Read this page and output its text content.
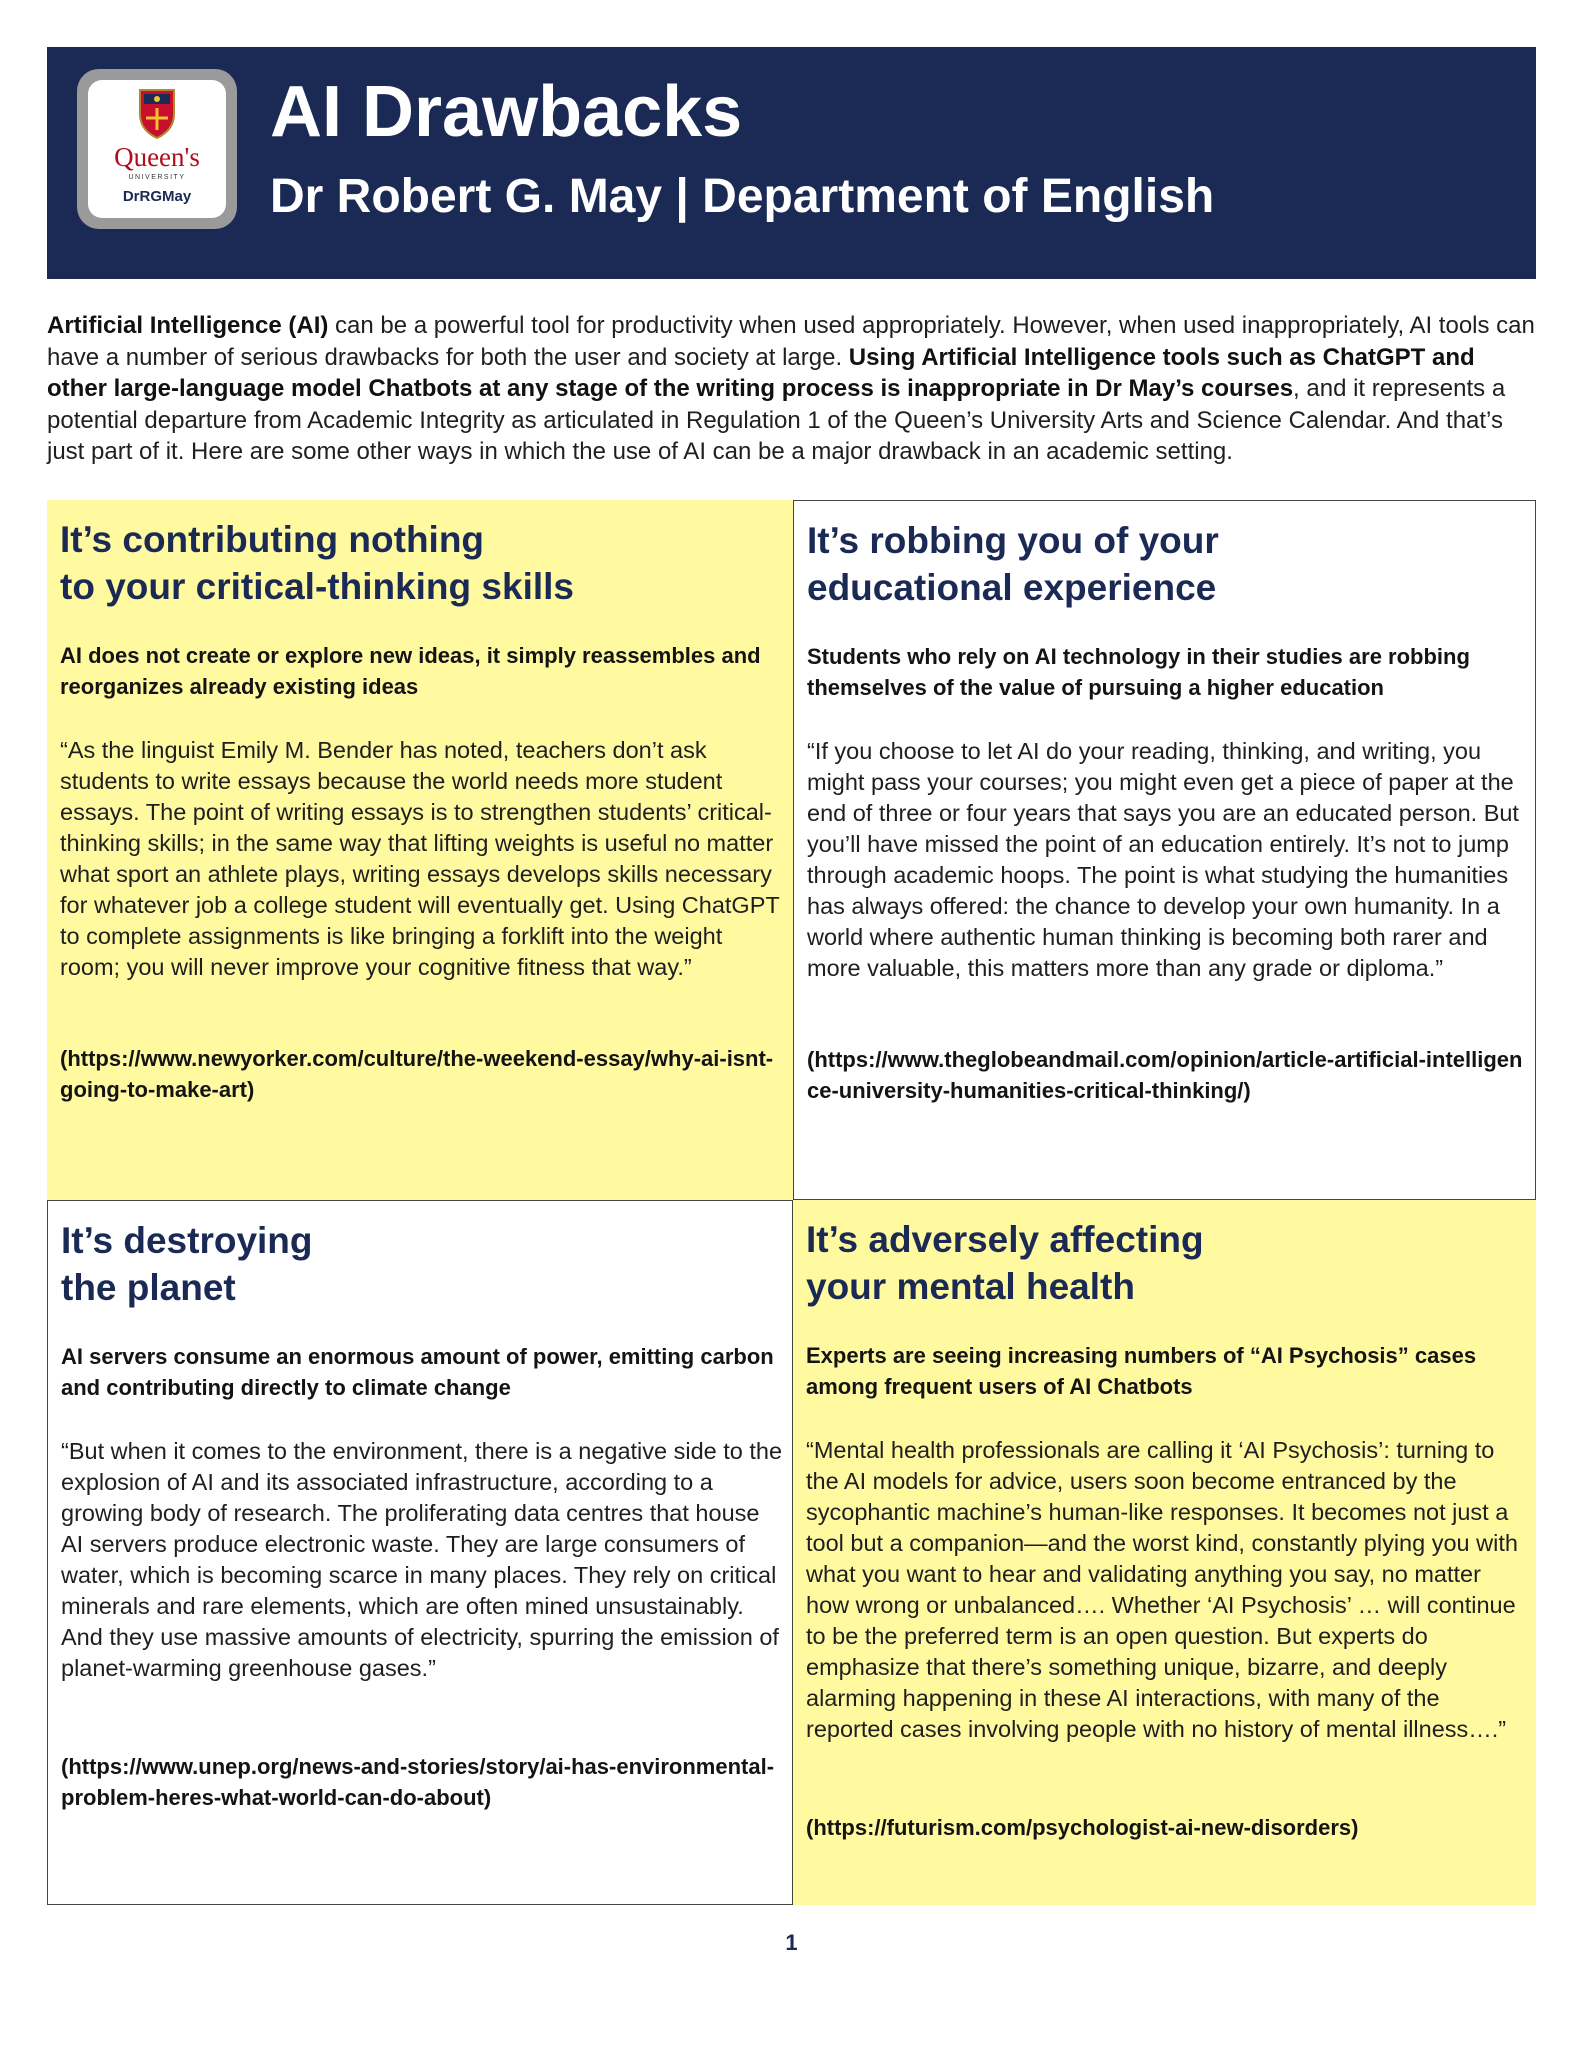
Queen's
UNIVERSITY
DrRGMay
AI Drawbacks
Dr Robert G. May | Department of English
Artificial Intelligence (AI) can be a powerful tool for productivity when used appropriately. However, when used inappropriately, AI tools can have a number of serious drawbacks for both the user and society at large. Using Artificial Intelligence tools such as ChatGPT and other large-language model Chatbots at any stage of the writing process is inappropriate in Dr May’s courses, and it represents a potential departure from Academic Integrity as articulated in Regulation 1 of the Queen’s University Arts and Science Calendar. And that’s just part of it. Here are some other ways in which the use of AI can be a major drawback in an academic setting.
It’s contributing nothing
to your critical-thinking skills
AI does not create or explore new ideas, it simply reassembles and reorganizes already existing ideas
“As the linguist Emily M. Bender has noted, teachers don’t ask students to write essays because the world needs more student essays. The point of writing essays is to strengthen students’ critical-thinking skills; in the same way that lifting weights is useful no matter what sport an athlete plays, writing essays develops skills necessary for whatever job a college student will eventually get. Using ChatGPT to complete assignments is like bringing a forklift into the weight room; you will never improve your cognitive fitness that way.”
(https://www.newyorker.com/culture/the-weekend-essay/why-ai-isnt-going-to-make-art)
It’s robbing you of your
educational experience
Students who rely on AI technology in their studies are robbing themselves of the value of pursuing a higher education
“If you choose to let AI do your reading, thinking, and writing, you might pass your courses; you might even get a piece of paper at the end of three or four years that says you are an educated person. But you’ll have missed the point of an education entirely. It’s not to jump through academic hoops. The point is what studying the humanities has always offered: the chance to develop your own humanity. In a world where authentic human thinking is becoming both rarer and more valuable, this matters more than any grade or diploma.”
(https://www.theglobeandmail.com/opinion/article-artificial-intelligence-university-humanities-critical-thinking/)
It’s destroying
the planet
AI servers consume an enormous amount of power, emitting carbon and contributing directly to climate change
“But when it comes to the environment, there is a negative side to the explosion of AI and its associated infrastructure, according to a growing body of research. The proliferating data centres that house AI servers produce electronic waste. They are large consumers of water, which is becoming scarce in many places. They rely on critical minerals and rare elements, which are often mined unsustainably. And they use massive amounts of electricity, spurring the emission of planet-warming greenhouse gases.”
(https://www.unep.org/news-and-stories/story/ai-has-environmental-problem-heres-what-world-can-do-about)
It’s adversely affecting
your mental health
Experts are seeing increasing numbers of “AI Psychosis” cases among frequent users of AI Chatbots
“Mental health professionals are calling it ‘AI Psychosis’: turning to the AI models for advice, users soon become entranced by the sycophantic machine’s human-like responses. It becomes not just a tool but a companion—and the worst kind, constantly plying you with what you want to hear and validating anything you say, no matter how wrong or unbalanced…. Whether ‘AI Psychosis’ … will continue to be the preferred term is an open question. But experts do emphasize that there’s something unique, bizarre, and deeply alarming happening in these AI interactions, with many of the reported cases involving people with no history of mental illness….”
(https://futurism.com/psychologist-ai-new-disorders)
1
